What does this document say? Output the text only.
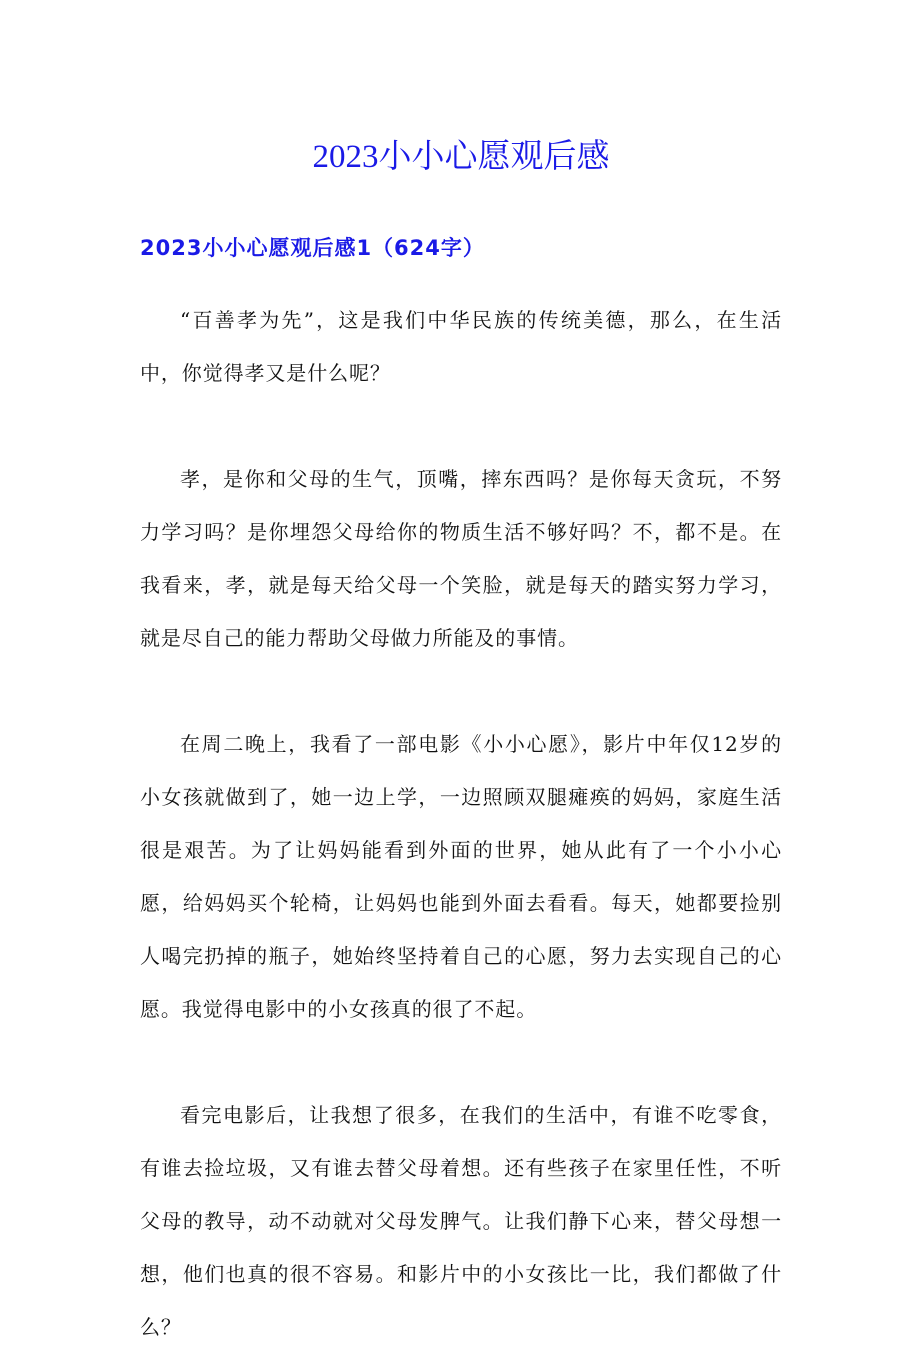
2023小小心愿观后感
2023小小心愿观后感1（624字）

“百善孝为先”，这是我们中华民族的传统美德，那么，在生活中，你觉得孝又是什么呢？

孝，是你和父母的生气，顶嘴，摔东西吗？是你每天贪玩，不努力学习吗？是你埋怨父母给你的物质生活不够好吗？不，都不是。在我看来，孝，就是每天给父母一个笑脸，就是每天的踏实努力学习，就是尽自己的能力帮助父母做力所能及的事情。

在周二晚上，我看了一部电影《小小心愿》，影片中年仅12岁的小女孩就做到了，她一边上学，一边照顾双腿瘫痪的妈妈，家庭生活很是艰苦。为了让妈妈能看到外面的世界，她从此有了一个小小心愿，给妈妈买个轮椅，让妈妈也能到外面去看看。每天，她都要捡别人喝完扔掉的瓶子，她始终坚持着自己的心愿，努力去实现自己的心愿。我觉得电影中的小女孩真的很了不起。

看完电影后，让我想了很多，在我们的生活中，有谁不吃零食，有谁去捡垃圾，又有谁去替父母着想。还有些孩子在家里任性，不听父母的教导，动不动就对父母发脾气。让我们静下心来，替父母想一想，他们也真的很不容易。和影片中的小女孩比一比，我们都做了什么？
